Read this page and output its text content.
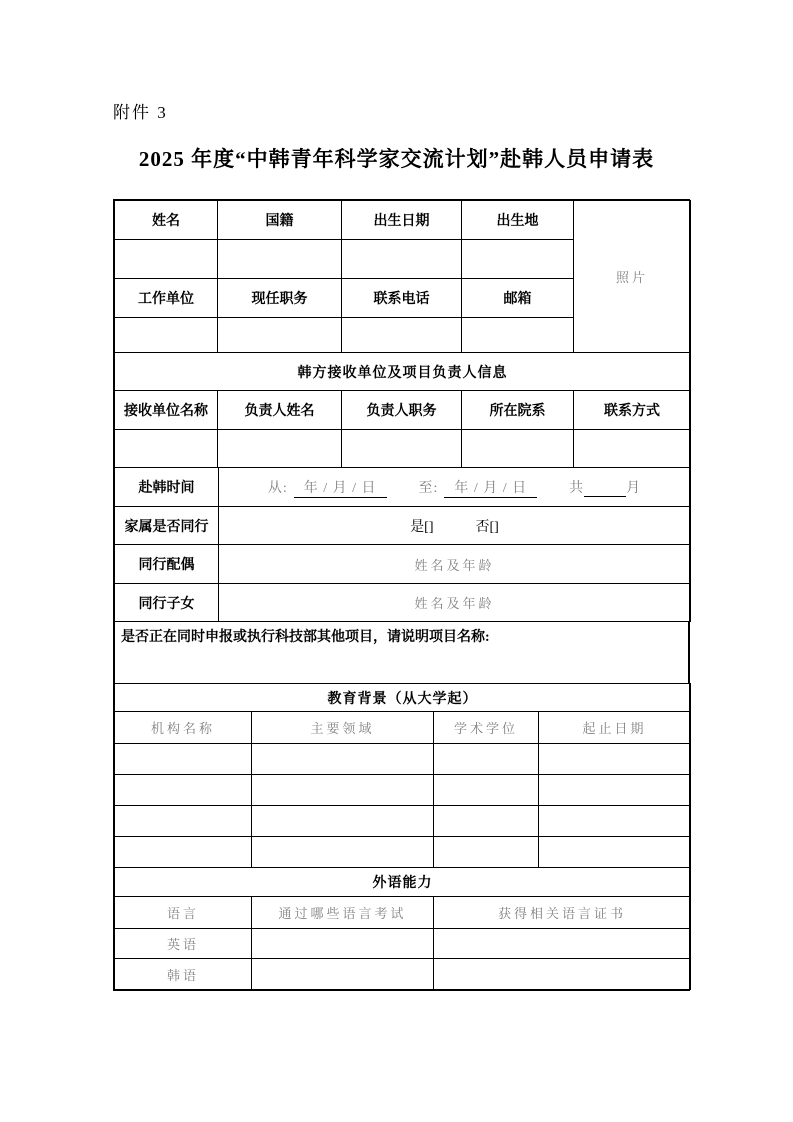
附件 3
2025 年度“中韩青年科学家交流计划”赴韩人员申请表
姓名	国籍	出生日期	出生地	照片

工作单位	现任职务	联系电话	邮箱	

韩方接收单位及项目负责人信息				
接收单位名称	负责人姓名	负责人职务	所在院系	联系方式

赴韩时间	从: 年 / 月 / 日 至: 年 / 月 / 日 共 月
家属是否同行	是[] 否[]
同行配偶	姓名及年龄
同行子女	姓名及年龄
是否正在同时申报或执行科技部其他项目，请说明项目名称:
教育背景（从大学起）			
机构名称	主要领域	学术学位	起止日期

外语能力		
语言	通过哪些语言考试	获得相关语言证书
英语		
韩语		
